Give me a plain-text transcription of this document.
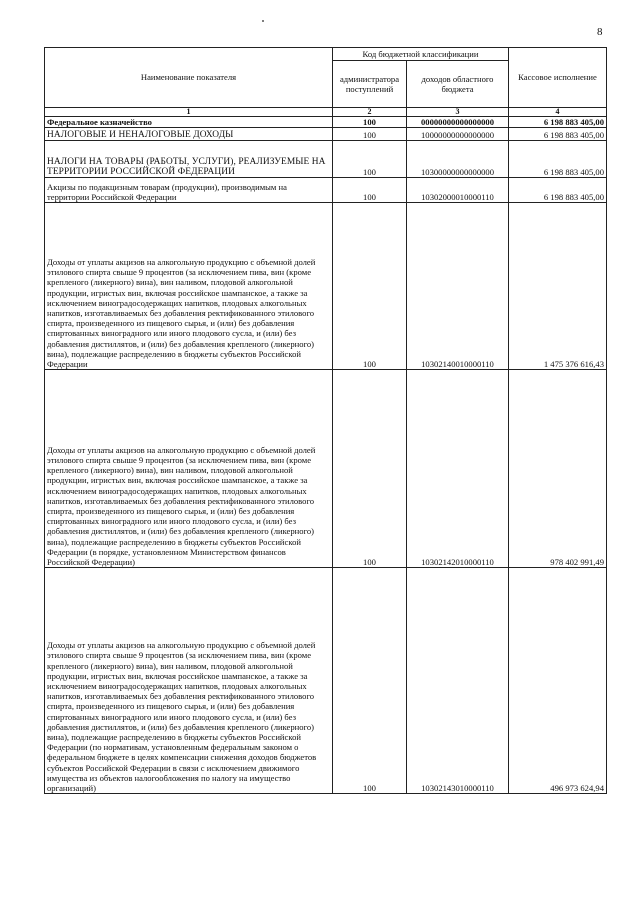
8
Наименование показателя	Код бюджетной классификации		Кассовое исполнение
	администратора поступлений	доходов областного бюджета	
1	2	3	4
Федеральное казначейство	100	00000000000000000	6 198 883 405,00
НАЛОГОВЫЕ И НЕНАЛОГОВЫЕ ДОХОДЫ	100	10000000000000000	6 198 883 405,00
НАЛОГИ НА ТОВАРЫ (РАБОТЫ, УСЛУГИ), РЕАЛИЗУЕМЫЕ НА ТЕРРИТОРИИ РОССИЙСКОЙ ФЕДЕРАЦИИ	100	10300000000000000	6 198 883 405,00
Акцизы по подакцизным товарам (продукции), производимым на территории Российской Федерации	100	10302000010000110	6 198 883 405,00
Доходы от уплаты акцизов на алкогольную продукцию с объемной долей этилового спирта свыше 9 процентов (за исключением пива, вин (кроме крепленого (ликерного) вина), вин наливом, плодовой алкогольной продукции, игристых вин, включая российское шампанское, а также за исключением виноградосодержащих напитков, плодовых алкогольных напитков, изготавливаемых без добавления ректификованного этилового спирта, произведенного из пищевого сырья, и (или) без добавления спиртованных виноградного или иного плодового сусла, и (или) без добавления дистиллятов, и (или) без добавления крепленого (ликерного) вина), подлежащие распределению в бюджеты субъектов Российской Федерации	100	10302140010000110	1 475 376 616,43
Доходы от уплаты акцизов на алкогольную продукцию с объемной долей этилового спирта свыше 9 процентов (за исключением пива, вин (кроме крепленого (ликерного) вина), вин наливом, плодовой алкогольной продукции, игристых вин, включая российское шампанское, а также за исключением виноградосодержащих напитков, плодовых алкогольных напитков, изготавливаемых без добавления ректификованного этилового спирта, произведенного из пищевого сырья, и (или) без добавления спиртованных виноградного или иного плодового сусла, и (или) без добавления дистиллятов, и (или) без добавления крепленого (ликерного) вина), подлежащие распределению в бюджеты субъектов Российской Федерации (в порядке, установленном Министерством финансов Российской Федерации)	100	10302142010000110	978 402 991,49
Доходы от уплаты акцизов на алкогольную продукцию с объемной долей этилового спирта свыше 9 процентов (за исключением пива, вин (кроме крепленого (ликерного) вина), вин наливом, плодовой алкогольной продукции, игристых вин, включая российское шампанское, а также за исключением виноградосодержащих напитков, плодовых алкогольных напитков, изготавливаемых без добавления ректификованного этилового спирта, произведенного из пищевого сырья, и (или) без добавления спиртованных виноградного или иного плодового сусла, и (или) без добавления дистиллятов, и (или) без добавления крепленого (ликерного) вина), подлежащие распределению в бюджеты субъектов Российской Федерации (по нормативам, установленным федеральным законом о федеральном бюджете в целях компенсации снижения доходов бюджетов субъектов Российской Федерации в связи с исключением движимого имущества из объектов налогообложения по налогу на имущество организаций)	100	10302143010000110	496 973 624,94
